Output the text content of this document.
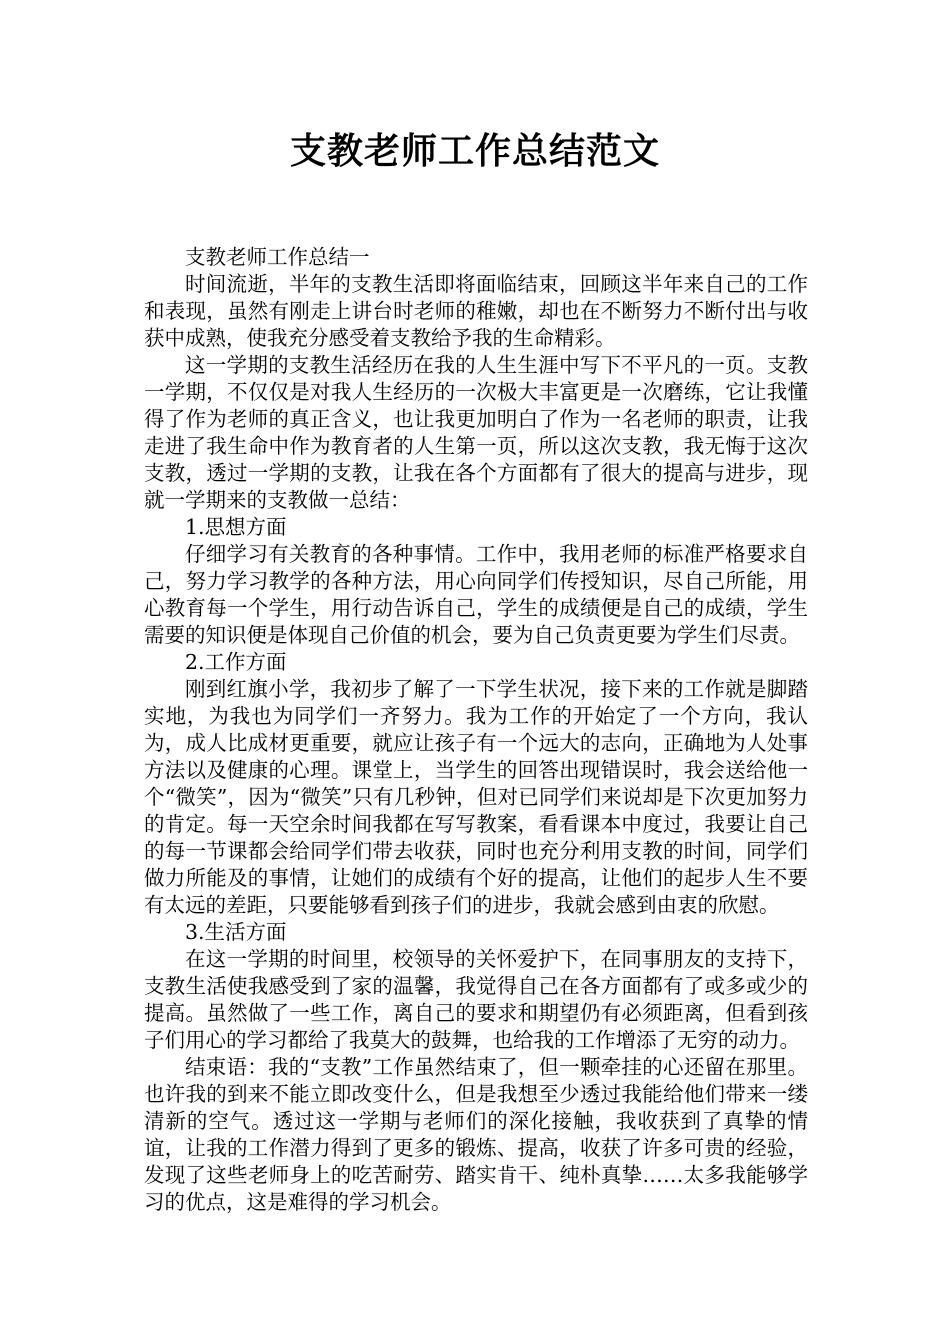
支教老师工作总结范文

支教老师工作总结一

时间流逝，半年的支教生活即将面临结束，回顾这半年来自己的工作和表现，虽然有刚走上讲台时老师的稚嫩，却也在不断努力不断付出与收获中成熟，使我充分感受着支教给予我的生命精彩。

这一学期的支教生活经历在我的人生生涯中写下不平凡的一页。支教一学期，不仅仅是对我人生经历的一次极大丰富更是一次磨练，它让我懂得了作为老师的真正含义，也让我更加明白了作为一名老师的职责，让我走进了我生命中作为教育者的人生第一页，所以这次支教，我无悔于这次支教，透过一学期的支教，让我在各个方面都有了很大的提高与进步，现就一学期来的支教做一总结：

1.思想方面

仔细学习有关教育的各种事情。工作中，我用老师的标准严格要求自己，努力学习教学的各种方法，用心向同学们传授知识，尽自己所能，用心教育每一个学生，用行动告诉自己，学生的成绩便是自己的成绩，学生需要的知识便是体现自己价值的机会，要为自己负责更要为学生们尽责。

2.工作方面

刚到红旗小学，我初步了解了一下学生状况，接下来的工作就是脚踏实地，为我也为同学们一齐努力。我为工作的开始定了一个方向，我认为，成人比成材更重要，就应让孩子有一个远大的志向，正确地为人处事方法以及健康的心理。课堂上，当学生的回答出现错误时，我会送给他一个“微笑”，因为“微笑”只有几秒钟，但对已同学们来说却是下次更加努力的肯定。每一天空余时间我都在写写教案，看看课本中度过，我要让自己的每一节课都会给同学们带去收获，同时也充分利用支教的时间，同学们做力所能及的事情，让她们的成绩有个好的提高，让他们的起步人生不要有太远的差距，只要能够看到孩子们的进步，我就会感到由衷的欣慰。

3.生活方面

在这一学期的时间里，校领导的关怀爱护下，在同事朋友的支持下，支教生活使我感受到了家的温馨，我觉得自己在各方面都有了或多或少的提高。虽然做了一些工作，离自己的要求和期望仍有必须距离，但看到孩子们用心的学习都给了我莫大的鼓舞，也给我的工作增添了无穷的动力。

结束语：我的“支教”工作虽然结束了，但一颗牵挂的心还留在那里。也许我的到来不能立即改变什么，但是我想至少透过我能给他们带来一缕清新的空气。透过这一学期与老师们的深化接触，我收获到了真挚的情谊，让我的工作潜力得到了更多的锻炼、提高，收获了许多可贵的经验，发现了这些老师身上的吃苦耐劳、踏实肯干、纯朴真挚……太多我能够学习的优点，这是难得的学习机会。
